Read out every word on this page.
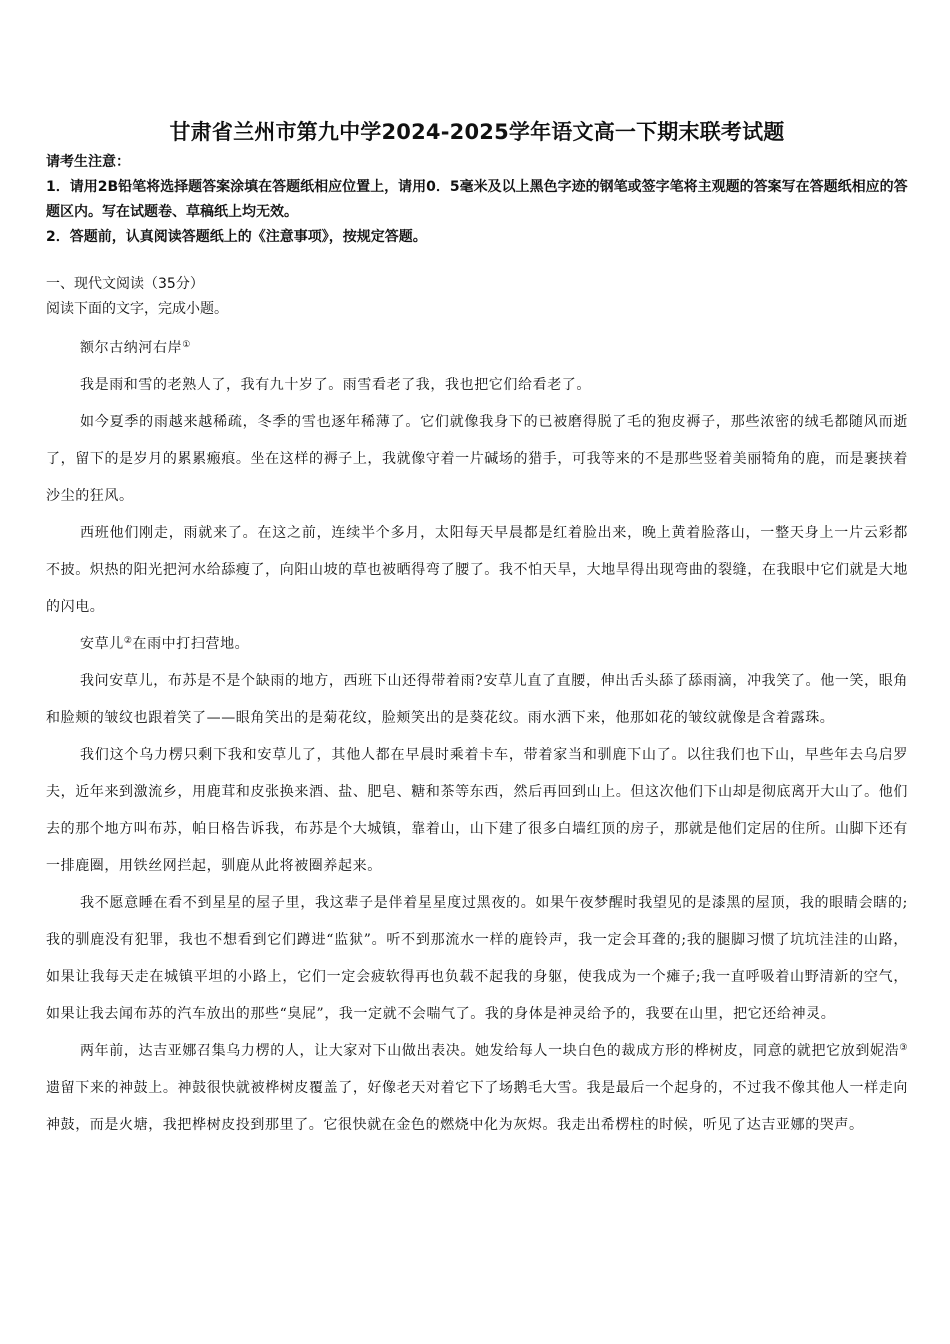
甘肃省兰州市第九中学2024-2025学年语文高一下期末联考试题

请考生注意：

1．请用2B铅笔将选择题答案涂填在答题纸相应位置上，请用0．5毫米及以上黑色字迹的钢笔或签字笔将主观题的答案写在答题纸相应的答题区内。写在试题卷、草稿纸上均无效。

2．答题前，认真阅读答题纸上的《注意事项》，按规定答题。

一、现代文阅读（35分）

阅读下面的文字，完成小题。

额尔古纳河右岸①

我是雨和雪的老熟人了，我有九十岁了。雨雪看老了我，我也把它们给看老了。

如今夏季的雨越来越稀疏，冬季的雪也逐年稀薄了。它们就像我身下的已被磨得脱了毛的狍皮褥子，那些浓密的绒毛都随风而逝了，留下的是岁月的累累瘢痕。坐在这样的褥子上，我就像守着一片碱场的猎手，可我等来的不是那些竖着美丽犄角的鹿，而是裹挟着沙尘的狂风。

西班他们刚走，雨就来了。在这之前，连续半个多月，太阳每天早晨都是红着脸出来，晚上黄着脸落山，一整天身上一片云彩都不披。炽热的阳光把河水给舔瘦了，向阳山坡的草也被晒得弯了腰了。我不怕天旱，大地旱得出现弯曲的裂缝，在我眼中它们就是大地的闪电。

安草儿②在雨中打扫营地。

我问安草儿，布苏是不是个缺雨的地方，西班下山还得带着雨?安草儿直了直腰，伸出舌头舔了舔雨滴，冲我笑了。他一笑，眼角和脸颊的皱纹也跟着笑了——眼角笑出的是菊花纹，脸颊笑出的是葵花纹。雨水洒下来，他那如花的皱纹就像是含着露珠。

我们这个乌力楞只剩下我和安草儿了，其他人都在早晨时乘着卡车，带着家当和驯鹿下山了。以往我们也下山，早些年去乌启罗夫，近年来到激流乡，用鹿茸和皮张换来酒、盐、肥皂、糖和茶等东西，然后再回到山上。但这次他们下山却是彻底离开大山了。他们去的那个地方叫布苏，帕日格告诉我，布苏是个大城镇，靠着山，山下建了很多白墙红顶的房子，那就是他们定居的住所。山脚下还有一排鹿圈，用铁丝网拦起，驯鹿从此将被圈养起来。

我不愿意睡在看不到星星的屋子里，我这辈子是伴着星星度过黑夜的。如果午夜梦醒时我望见的是漆黑的屋顶，我的眼睛会瞎的;我的驯鹿没有犯罪，我也不想看到它们蹲进“监狱”。听不到那流水一样的鹿铃声，我一定会耳聋的;我的腿脚习惯了坑坑洼洼的山路，如果让我每天走在城镇平坦的小路上，它们一定会疲软得再也负载不起我的身躯，使我成为一个瘫子;我一直呼吸着山野清新的空气，如果让我去闻布苏的汽车放出的那些“臭屁”，我一定就不会喘气了。我的身体是神灵给予的，我要在山里，把它还给神灵。

两年前，达吉亚娜召集乌力楞的人，让大家对下山做出表决。她发给每人一块白色的裁成方形的桦树皮，同意的就把它放到妮浩③遗留下来的神鼓上。神鼓很快就被桦树皮覆盖了，好像老天对着它下了场鹅毛大雪。我是最后一个起身的，不过我不像其他人一样走向神鼓，而是火塘，我把桦树皮投到那里了。它很快就在金色的燃烧中化为灰烬。我走出希楞柱的时候，听见了达吉亚娜的哭声。
